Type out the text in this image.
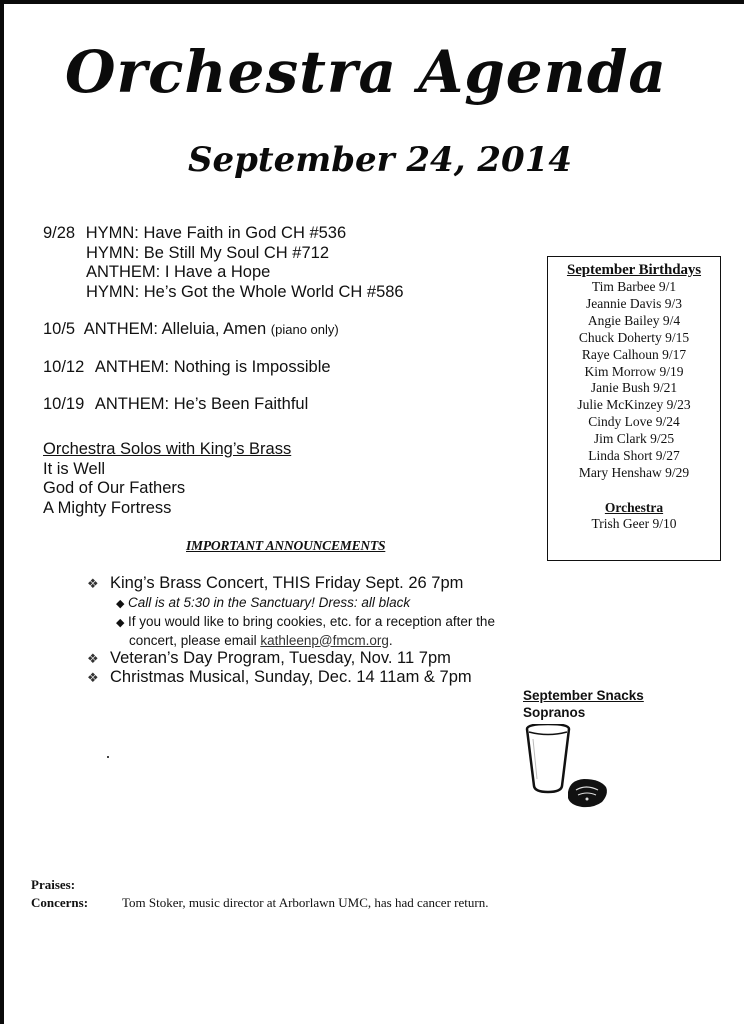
Orchestra Agenda
September 24, 2014
9/28 HYMN: Have Faith in God CH #536
HYMN: Be Still My Soul CH #712
ANTHEM: I Have a Hope
HYMN: He’s Got the Whole World CH #586
10/5 ANTHEM: Alleluia, Amen (piano only)
10/12 ANTHEM: Nothing is Impossible
10/19 ANTHEM: He’s Been Faithful
Orchestra Solos with King’s Brass
It is Well
God of Our Fathers
A Mighty Fortress
IMPORTANT ANNOUNCEMENTS
❖ King’s Brass Concert, THIS Friday Sept. 26 7pm
◆ Call is at 5:30 in the Sanctuary! Dress: all black
◆ If you would like to bring cookies, etc. for a reception after the
concert, please email kathleenp@fmcm.org.
❖ Veteran’s Day Program, Tuesday, Nov. 11 7pm
❖ Christmas Musical, Sunday, Dec. 14 11am & 7pm
September Birthdays
Tim Barbee 9/1
Jeannie Davis 9/3
Angie Bailey 9/4
Chuck Doherty 9/15
Raye Calhoun 9/17
Kim Morrow 9/19
Janie Bush 9/21
Julie McKinzey 9/23
Cindy Love 9/24
Jim Clark 9/25
Linda Short 9/27
Mary Henshaw 9/29
Orchestra
Trish Geer 9/10
September Snacks
Sopranos
Praises:
Concerns:	Tom Stoker, music director at Arborlawn UMC, has had cancer return.
